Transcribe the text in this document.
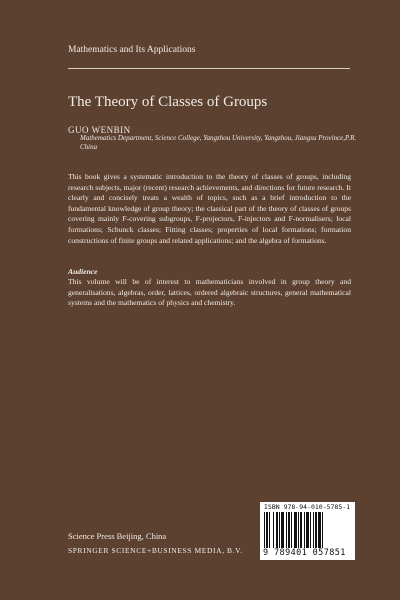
Mathematics and Its Applications
The Theory of Classes of Groups
GUO WENBIN
Mathematics Department, Science College, Yangzhou University, Yangzhou, Jiangsu Province,P.R. China
This book gives a systematic introduction to the theory of classes of groups, including research subjects, major (recent) research achievements, and directions for future research. It clearly and concisely treats a wealth of topics, such as a brief introduction to the fundamental knowledge of group theory; the classical part of the theory of classes of groups covering mainly F-covering subgroups, F-projectors, F-injectors and F-normalisers; local formations; Schunck classes; Fitting classes; properties of local formations; formation constructions of finite groups and related applications; and the algebra of formations.
Audience
This volume will be of interest to mathematicians involved in group theory and generalisations, algebras, order, lattices, ordered algebraic structures, general mathematical systems and the mathematics of physics and chemistry.
ISBN 978-94-010-5785-1
9 789401 057851
Science Press Beijing, China
SPRINGER SCIENCE+BUSINESS MEDIA, B.V.
